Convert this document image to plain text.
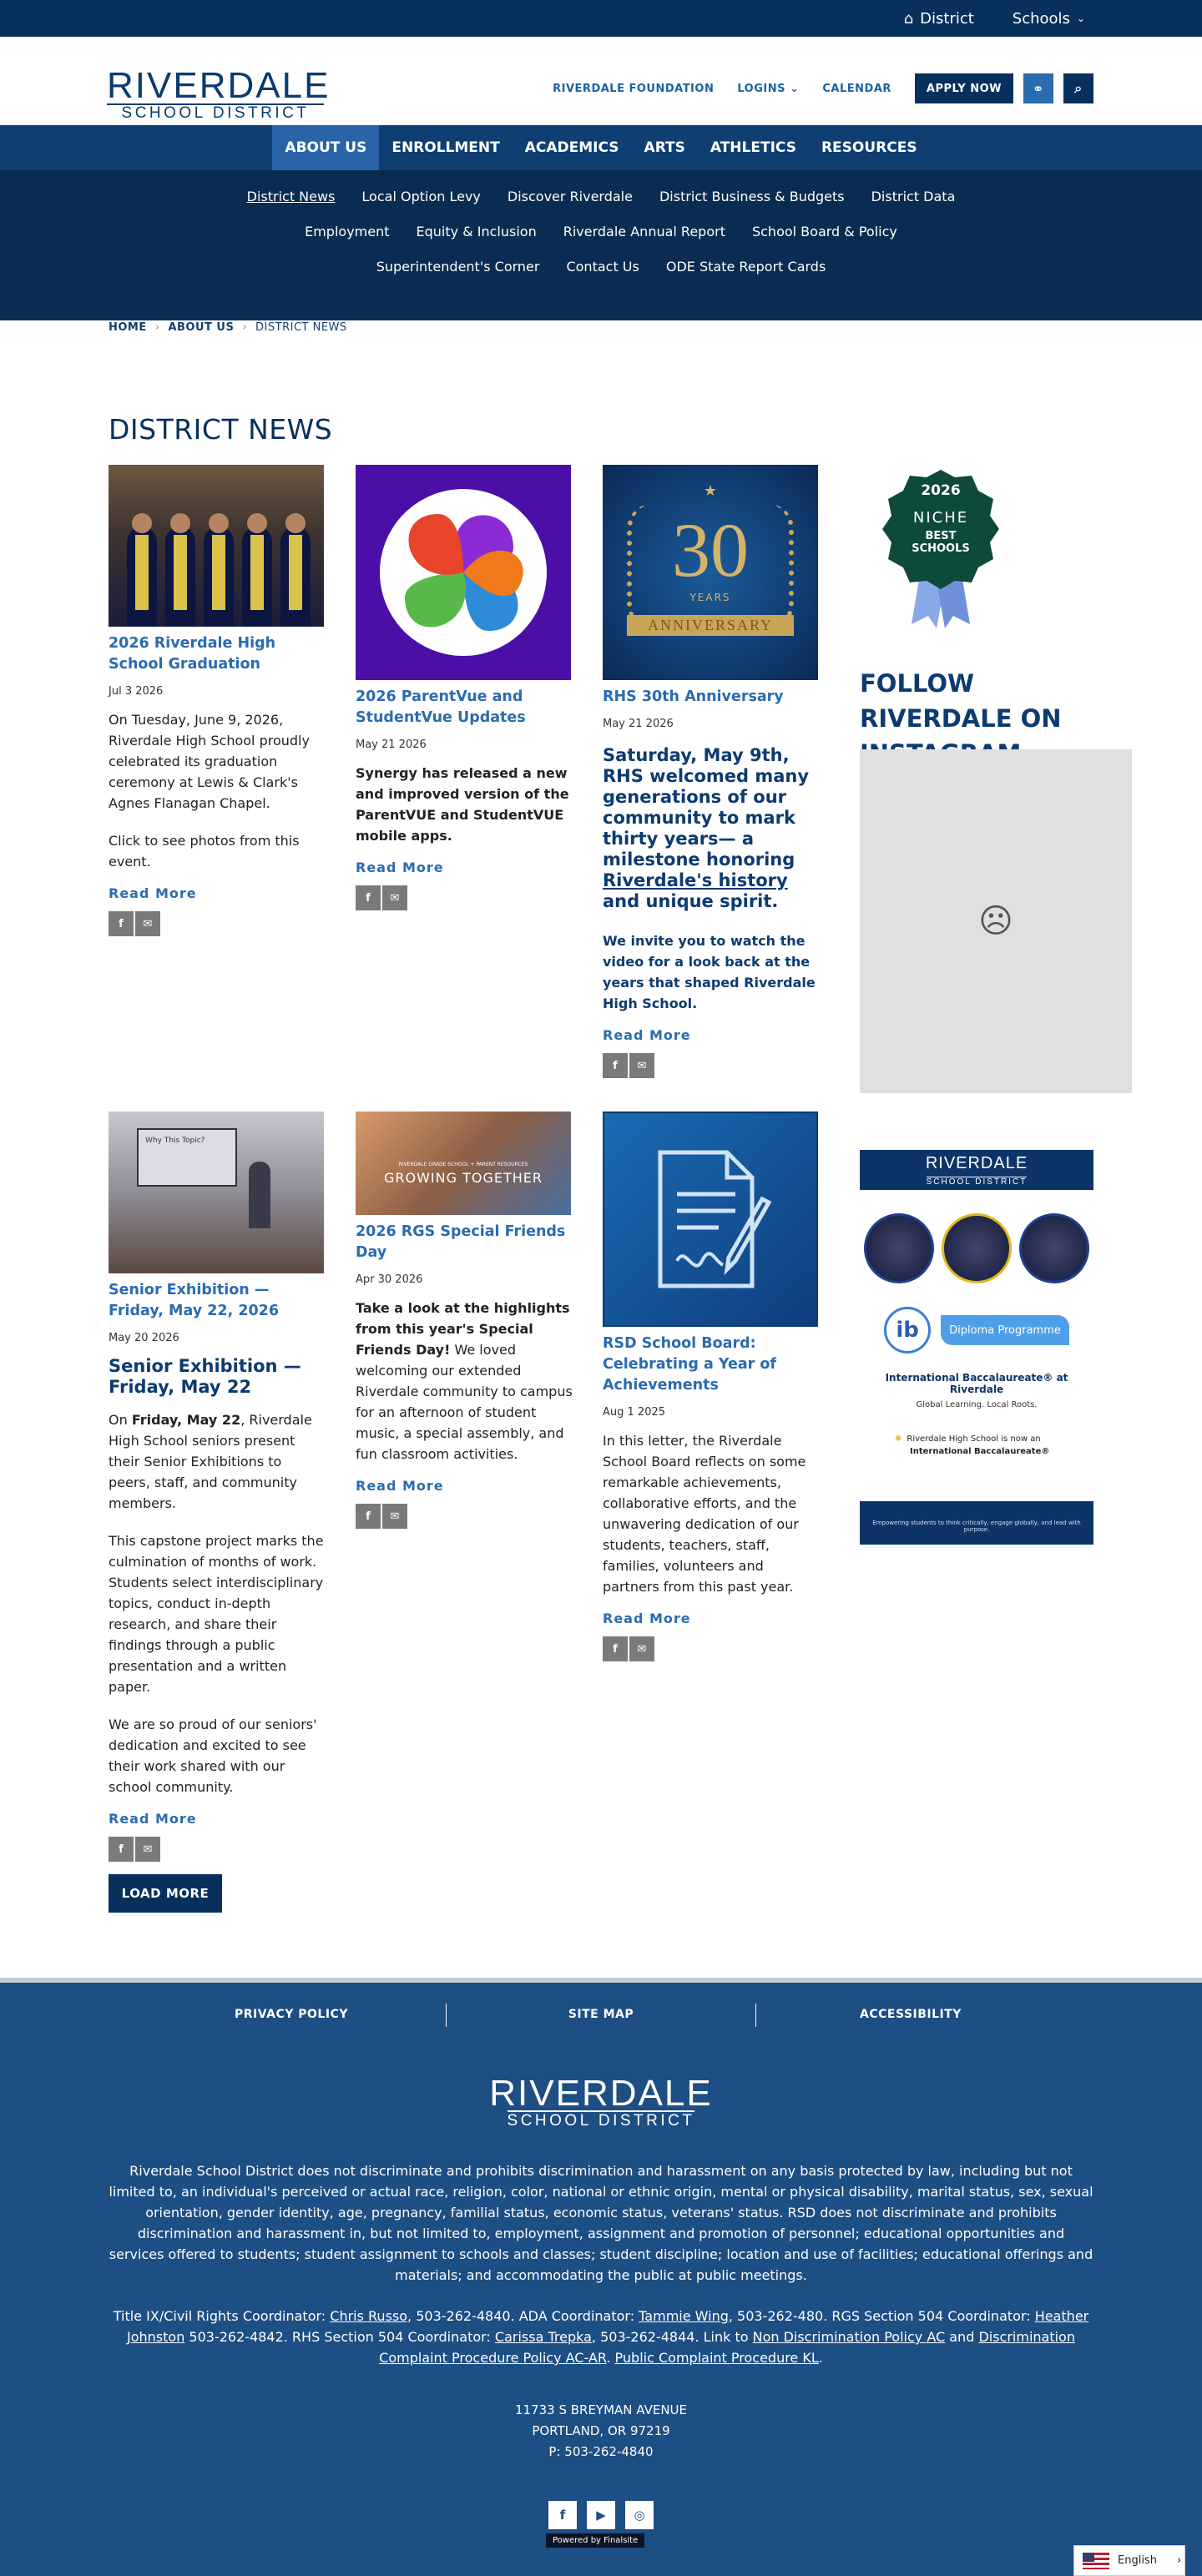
⌂ District	Schools ⌄
RIVERDALE
SCHOOL DISTRICT
RIVERDALE FOUNDATION LOGINS ⌄ CALENDAR	APPLY NOW	⚭	⌕
ABOUT US	ENROLLMENT	ACADEMICS	ARTS	ATHLETICS	RESOURCES
District News Local Option Levy Discover Riverdale District Business & Budgets District Data
Employment Equity & Inclusion Riverdale Annual Report School Board & Policy
Superintendent's Corner Contact Us ODE State Report Cards
HOME › ABOUT US › DISTRICT NEWS
DISTRICT NEWS
2026 Riverdale High School Graduation
Jul 3 2026

On Tuesday, June 9, 2026, Riverdale High School proudly celebrated its graduation ceremony at Lewis & Clark's Agnes Flanagan Chapel.

Click to see photos from this event.

Read More
f	✉
2026 ParentVue and StudentVue Updates
May 21 2026

Synergy has released a new and improved version of the ParentVUE and StudentVUE mobile apps.

Read More
f	✉
★
30
YEARS
ANNIVERSARY
RHS 30th Anniversary
May 21 2026
Saturday, May 9th, RHS welcomed many generations of our community to mark thirty years— a milestone honoring Riverdale's history and unique spirit.
We invite you to watch the video for a look back at the years that shaped Riverdale High School.
Read More
f	✉
2026
NICHE
BEST
SCHOOLS
FOLLOW RIVERDALE ON
☹
Why This Topic?
Senior Exhibition — Friday, May 22, 2026
May 20 2026
Senior Exhibition — Friday, May 22

On Friday, May 22, Riverdale High School seniors present their Senior Exhibitions to peers, staff, and community members.

This capstone project marks the culmination of months of work. Students select interdisciplinary topics, conduct in-depth research, and share their findings through a public presentation and a written paper.

We are so proud of our seniors' dedication and excited to see their work shared with our school community.

Read More
f	✉
RIVERDALE GRADE SCHOOL + PARENT RESOURCES
GROWING TOGETHER
2026 RGS Special Friends Day
Apr 30 2026

Take a look at the highlights from this year's Special Friends Day! We loved welcoming our extended Riverdale community to campus for an afternoon of student music, a special assembly, and fun classroom activities.

Read More
f	✉
RSD School Board: Celebrating a Year of Achievements
Aug 1 2025

In this letter, the Riverdale School Board reflects on some remarkable achievements, collaborative efforts, and the unwavering dedication of our students, teachers, staff, families, volunteers and partners from this past year.

Read More
f	✉
RIVERDALE
SCHOOL DISTRICT
ib	Diploma Programme
International Baccalaureate® at Riverdale
Global Learning. Local Roots.
✺ Riverdale High School is now an
International Baccalaureate®
Empowering students to think critically, engage globally, and lead with purpose.
LOAD MORE
PRIVACY POLICY	SITE MAP	ACCESSIBILITY
RIVERDALE
SCHOOL DISTRICT
Riverdale School District does not discriminate and prohibits discrimination and harassment on any basis protected by law, including but not limited to, an individual's perceived or actual race, religion, color, national or ethnic origin, mental or physical disability, marital status, sex, sexual orientation, gender identity, age, pregnancy, familial status, economic status, veterans' status. RSD does not discriminate and prohibits discrimination and harassment in, but not limited to, employment, assignment and promotion of personnel; educational opportunities and services offered to students; student assignment to schools and classes; student discipline; location and use of facilities; educational offerings and materials; and accommodating the public at public meetings.
Title IX/Civil Rights Coordinator: Chris Russo, 503-262-4840. ADA Coordinator: Tammie Wing, 503-262-480. RGS Section 504 Coordinator: Heather Johnston 503-262-4842. RHS Section 504 Coordinator: Carissa Trepka, 503-262-4844. Link to Non Discrimination Policy AC and Discrimination Complaint Procedure Policy AC-AR. Public Complaint Procedure KL.
11733 S BREYMAN AVENUE
PORTLAND, OR 97219
P: 503-262-4840
f	▶	◎
Powered by Finalsite
English ›
